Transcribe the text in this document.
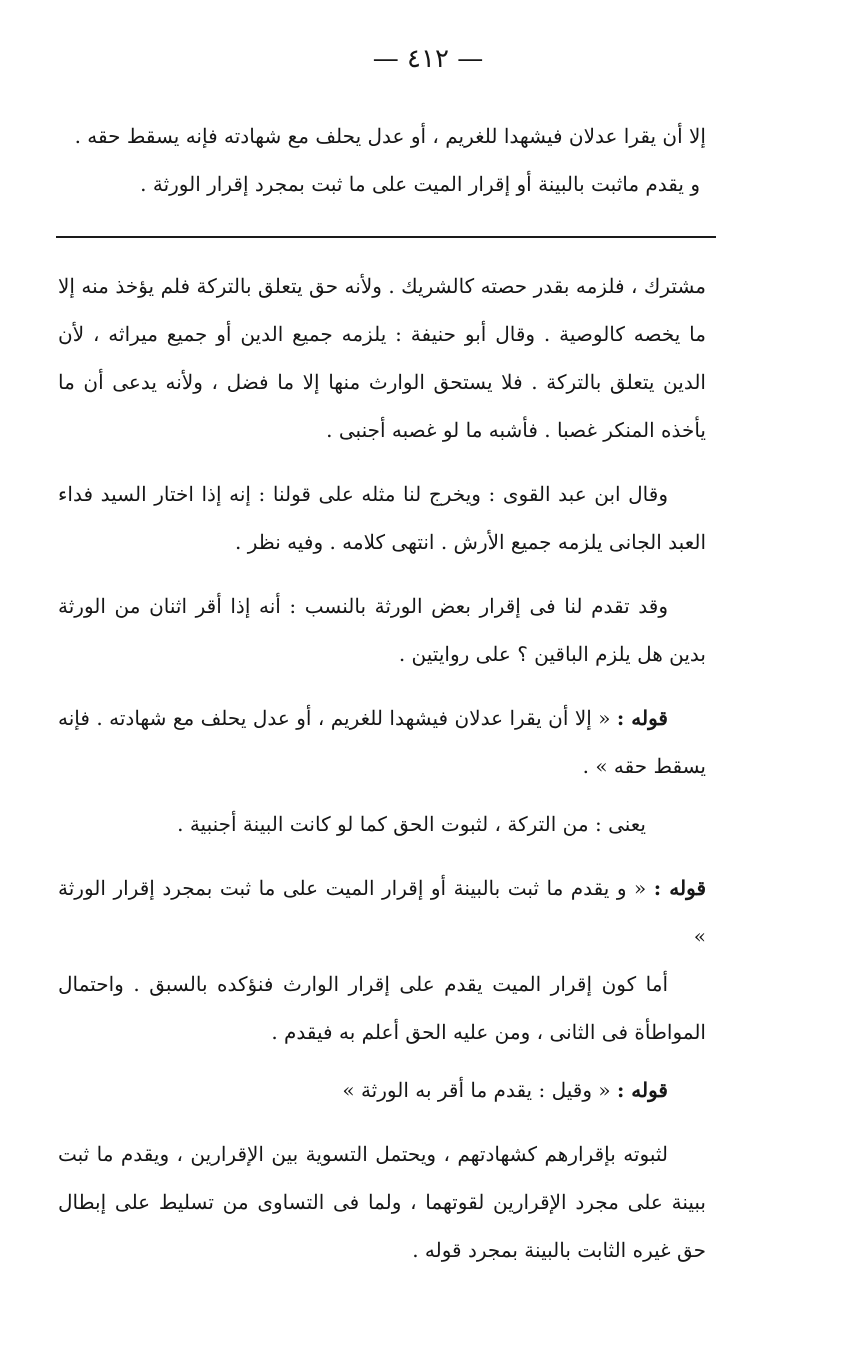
— ٤١٢ —
إلا أن يقرا عدلان فيشهدا للغريم ، أو عدل يحلف مع شهادته فإنه يسقط حقه .
و يقدم ماثبت بالبينة أو إقرار الميت على ما ثبت بمجرد إقرار الورثة .

مشترك ، فلزمه بقدر حصته كالشريك . ولأنه حق يتعلق بالتركة فلم يؤخذ منه إلا ما يخصه كالوصية . وقال أبو حنيفة : يلزمه جميع الدين أو جميع ميراثه ، لأن الدين يتعلق بالتركة . فلا يستحق الوارث منها إلا ما فضل ، ولأنه يدعى أن ما يأخذه المنكر غصبا . فأشبه ما لو غصبه أجنبى .

وقال ابن عبد القوى : ويخرج لنا مثله على قولنا : إنه إذا اختار السيد فداء العبد الجانى يلزمه جميع الأرش . انتهى كلامه . وفيه نظر .

وقد تقدم لنا فى إقرار بعض الورثة بالنسب : أنه إذا أقر اثنان من الورثة بدين هل يلزم الباقين ؟ على روايتين .

قوله : « إلا أن يقرا عدلان فيشهدا للغريم ، أو عدل يحلف مع شهادته . فإنه يسقط حقه » .

يعنى : من التركة ، لثبوت الحق كما لو كانت البينة أجنبية .

قوله : « و يقدم ما ثبت بالبينة أو إقرار الميت على ما ثبت بمجرد إقرار الورثة »

أما كون إقرار الميت يقدم على إقرار الوارث فنؤكده بالسبق . واحتمال المواطأة فى الثانى ، ومن عليه الحق أعلم به فيقدم .

قوله : « وقيل : يقدم ما أقر به الورثة »

لثبوته بإقرارهم كشهادتهم ، ويحتمل التسوية بين الإقرارين ، ويقدم ما ثبت ببينة على مجرد الإقرارين لقوتهما ، ولما فى التساوى من تسليط على إبطال حق غيره الثابت بالبينة بمجرد قوله .
